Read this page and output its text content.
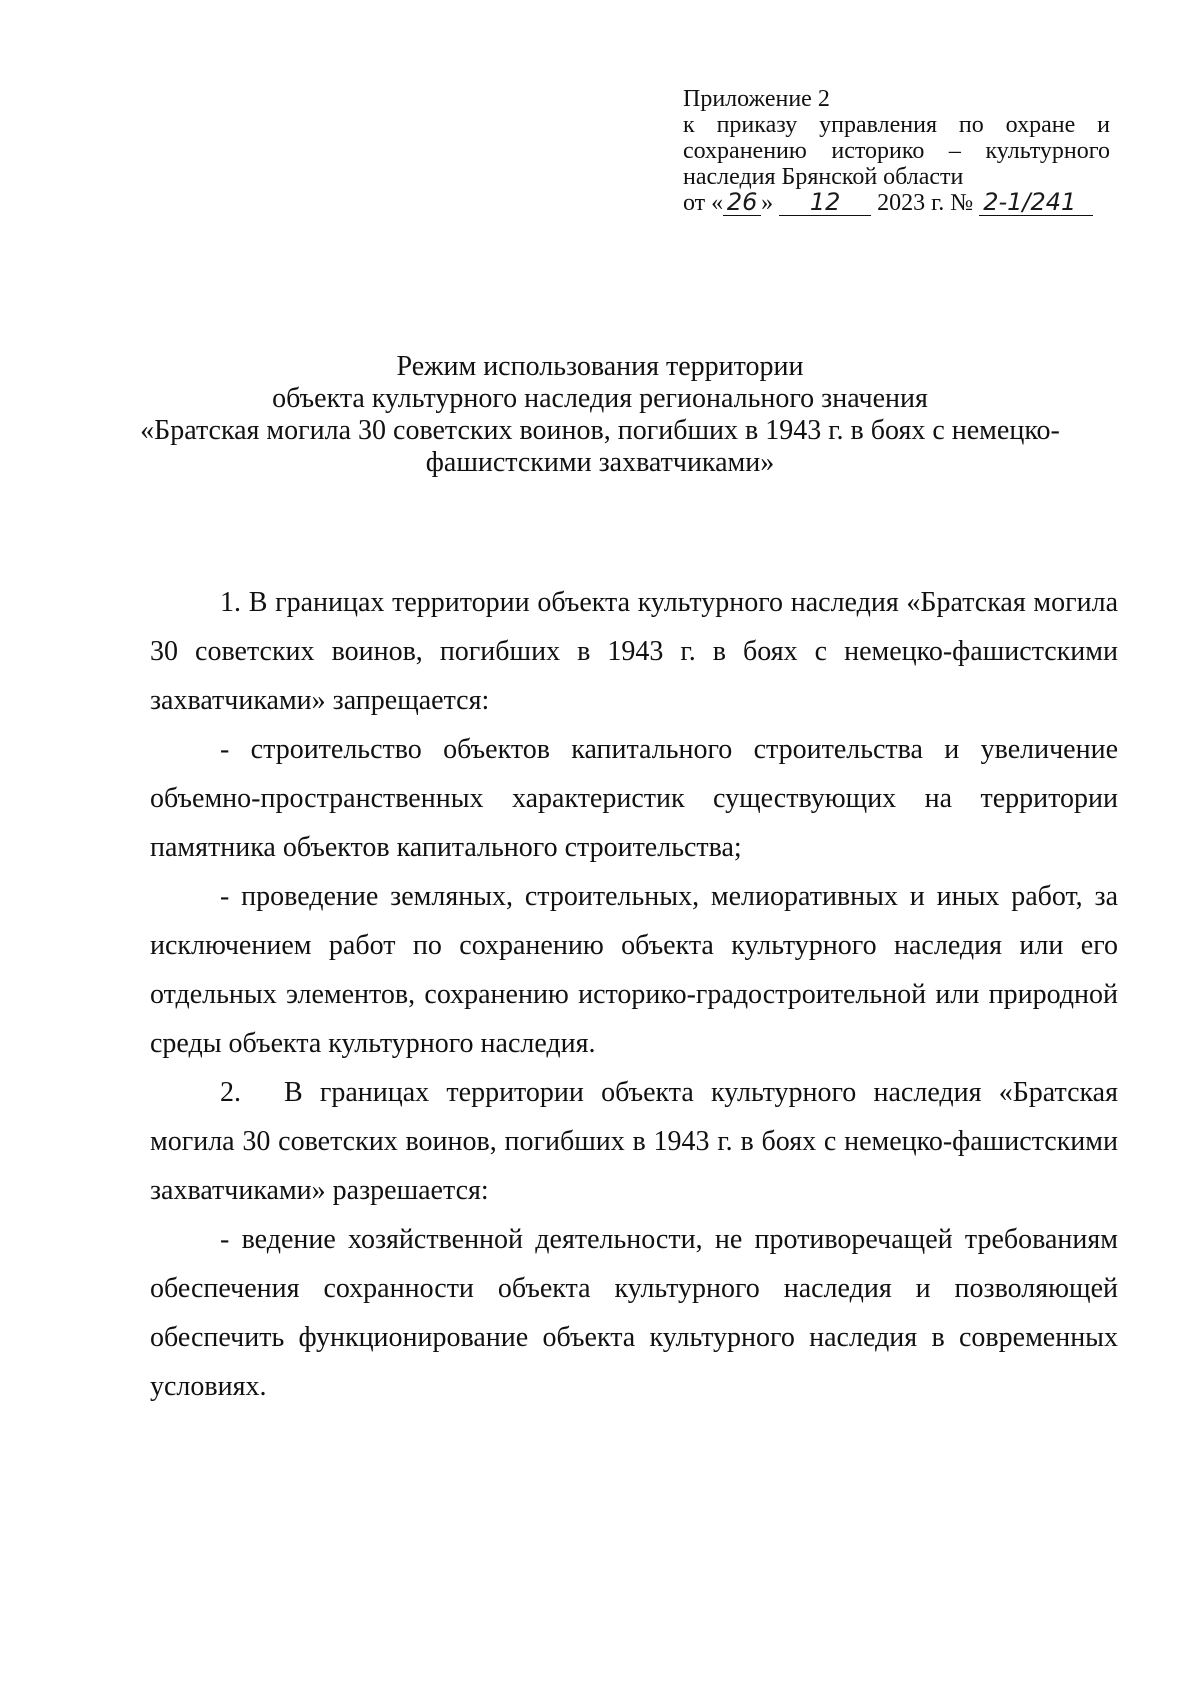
Приложение 2
к приказу управления по охране и
сохранению историко – культурного
наследия Брянской области
от « 26 » 12 2023 г. № 2-1/241
Режим использования территории
объекта культурного наследия регионального значения
«Братская могила 30 советских воинов, погибших в 1943 г. в боях с немецко-
фашистскими захватчиками»

1. В границах территории объекта культурного наследия «Братская могила 30 советских воинов, погибших в 1943 г. в боях с немецко-фашистскими захватчиками» запрещается:

- строительство объектов капитального строительства и увеличение объемно-пространственных характеристик существующих на территории памятника объектов капитального строительства;

- проведение земляных, строительных, мелиоративных и иных работ, за исключением работ по сохранению объекта культурного наследия или его отдельных элементов, сохранению историко-градостроительной или природной среды объекта культурного наследия.

2. В границах территории объекта культурного наследия «Братская могила 30 советских воинов, погибших в 1943 г. в боях с немецко-фашистскими захватчиками» разрешается:

- ведение хозяйственной деятельности, не противоречащей требованиям обеспечения сохранности объекта культурного наследия и позволяющей обеспечить функционирование объекта культурного наследия в современных условиях.
